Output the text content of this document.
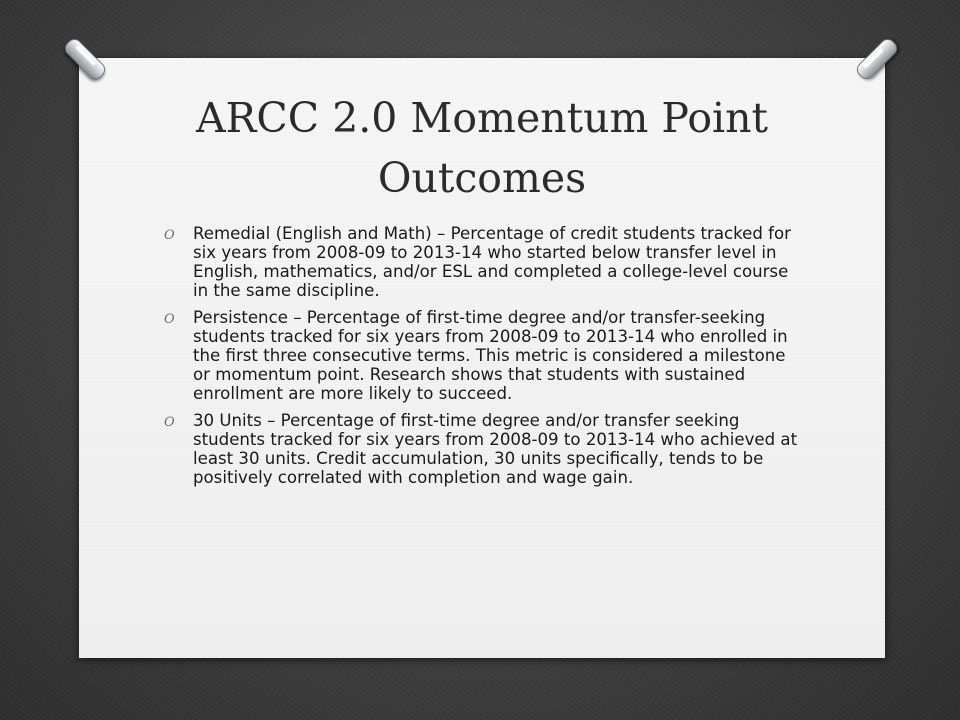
ARCC 2.0 Momentum Point
Outcomes
O Remedial (English and Math) – Percentage of credit students tracked for six years from 2008-09 to 2013-14 who started below transfer level in English, mathematics, and/or ESL and completed a college-level course in the same discipline.
O Persistence – Percentage of first-time degree and/or transfer-seeking students tracked for six years from 2008-09 to 2013-14 who enrolled in the first three consecutive terms. This metric is considered a milestone or momentum point. Research shows that students with sustained enrollment are more likely to succeed.
O 30 Units – Percentage of first-time degree and/or transfer seeking students tracked for six years from 2008-09 to 2013-14 who achieved at least 30 units. Credit accumulation, 30 units specifically, tends to be positively correlated with completion and wage gain.
